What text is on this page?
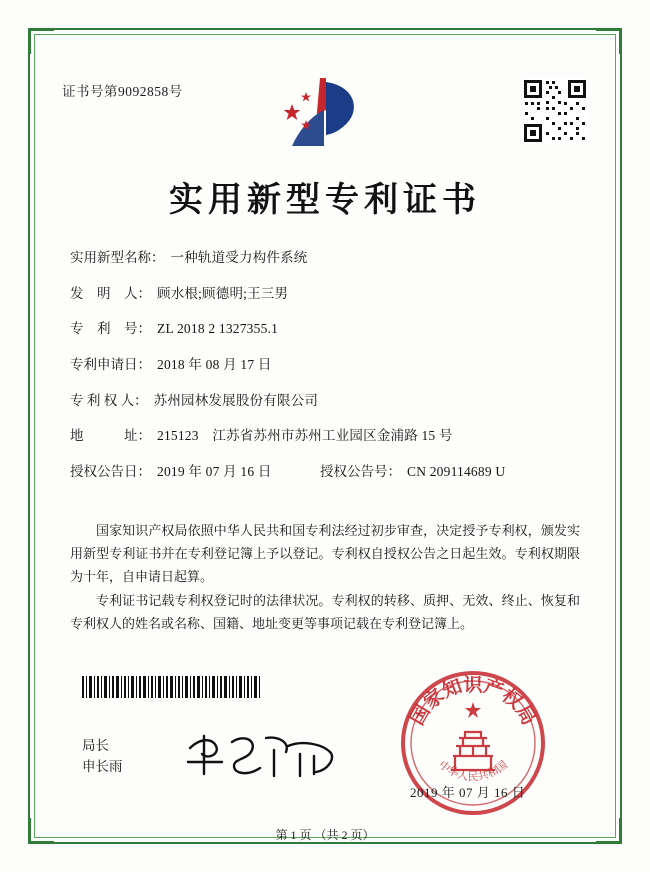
证书号第9092858号
实用新型专利证书
实用新型名称： 一种轨道受力构件系统
发　明　人： 顾水根;顾德明;王三男
专　利　号： ZL 2018 2 1327355.1
专利申请日： 2018 年 08 月 17 日
专 利 权 人： 苏州园林发展股份有限公司
地　　　址： 215123　江苏省苏州市苏州工业园区金浦路 15 号
授权公告日： 2019 年 07 月 16 日	授权公告号： CN 209114689 U

国家知识产权局依照中华人民共和国专利法经过初步审查，决定授予专利权，颁发实用新型专利证书并在专利登记簿上予以登记。专利权自授权公告之日起生效。专利权期限为十年，自申请日起算。

专利证书记载专利权登记时的法律状况。专利权的转移、质押、无效、终止、恢复和专利权人的姓名或名称、国籍、地址变更等事项记载在专利登记簿上。

局长
申长雨
国家知识产权局
中华人民共和国
2019 年 07 月 16 日
第 1 页 （共 2 页）
